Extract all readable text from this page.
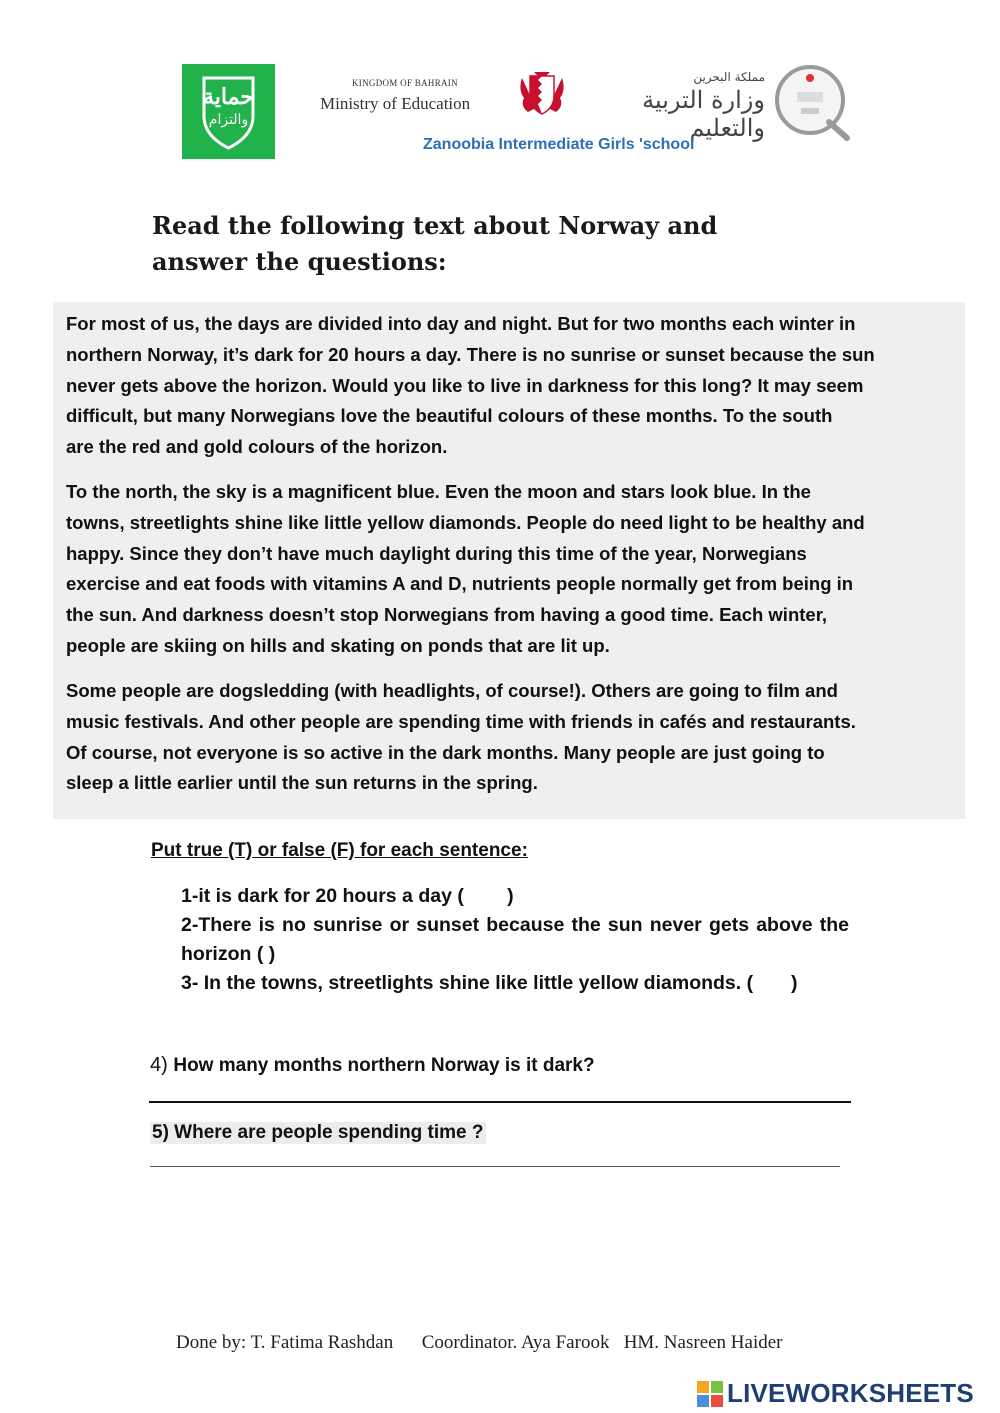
حماية
والتزام
KINGDOM OF BAHRAIN
Ministry of Education
مملكة البحرين
وزارة التربية والتعليم
Zanoobia Intermediate Girls 'school
Read the following text about Norway and
answer the questions:
For most of us, the days are divided into day and night. But for two months each winter in
northern Norway, it’s dark for 20 hours a day. There is no sunrise or sunset because the sun
never gets above the horizon. Would you like to live in darkness for this long? It may seem
difficult, but many Norwegians love the beautiful colours of these months. To the south
are the red and gold colours of the horizon.
To the north, the sky is a magnificent blue. Even the moon and stars look blue. In the
towns, streetlights shine like little yellow diamonds. People do need light to be healthy and
happy. Since they don’t have much daylight during this time of the year, Norwegians
exercise and eat foods with vitamins A and D, nutrients people normally get from being in
the sun. And darkness doesn’t stop Norwegians from having a good time. Each winter,
people are skiing on hills and skating on ponds that are lit up.
Some people are dogsledding (with headlights, of course!). Others are going to film and
music festivals. And other people are spending time with friends in cafés and restaurants.
Of course, not everyone is so active in the dark months. Many people are just going to
sleep a little earlier until the sun returns in the spring.
Put true (T) or false (F) for each sentence:
1-it is dark for 20 hours a day (        )
2-There is no sunrise or sunset because the sun never gets above the horizon ( )
3- In the towns, streetlights shine like little yellow diamonds. (       )
4) How many months northern Norway is it dark?
5) Where are people spending time ?
Done by: T. Fatima Rashdan      Coordinator. Aya Farook   HM. Nasreen Haider
LIVEWORKSHEETS
